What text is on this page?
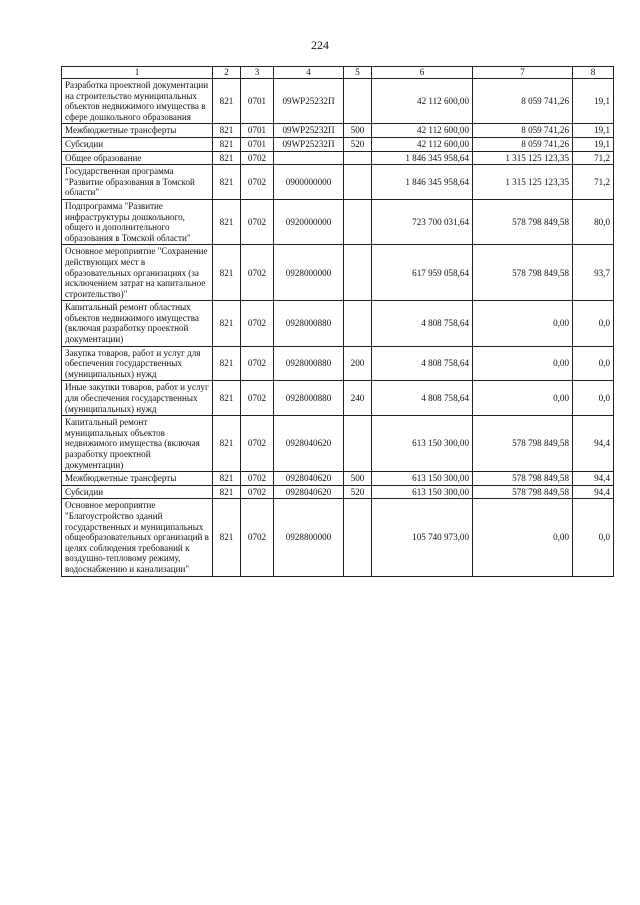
224
1	2	3	4	5	6	7	8
Разработка проектной документации на строительство муниципальных объектов недвижимого имущества в сфере дошкольного образования	821	0701	09WP25232П		42 112 600,00	8 059 741,26	19,1
Межбюджетные трансферты	821	0701	09WP25232П	500	42 112 600,00	8 059 741,26	19,1
Субсидии	821	0701	09WP25232П	520	42 112 600,00	8 059 741,26	19,1
Общее образование	821	0702			1 846 345 958,64	1 315 125 123,35	71,2
Государственная программа "Развитие образования в Томской области"	821	0702	0900000000		1 846 345 958,64	1 315 125 123,35	71,2
Подпрограмма "Развитие инфраструктуры дошкольного, общего и дополнительного образования в Томской области"	821	0702	0920000000		723 700 031,64	578 798 849,58	80,0
Основное мероприятие "Сохранение действующих мест в образовательных организациях (за исключением затрат на капитальное строительство)"	821	0702	0928000000		617 959 058,64	578 798 849,58	93,7
Капитальный ремонт областных объектов недвижимого имущества (включая разработку проектной документации)	821	0702	0928000880		4 808 758,64	0,00	0,0
Закупка товаров, работ и услуг для обеспечения государственных (муниципальных) нужд	821	0702	0928000880	200	4 808 758,64	0,00	0,0
Иные закупки товаров, работ и услуг для обеспечения государственных (муниципальных) нужд	821	0702	0928000880	240	4 808 758,64	0,00	0,0
Капитальный ремонт муниципальных объектов недвижимого имущества (включая разработку проектной документации)	821	0702	0928040620		613 150 300,00	578 798 849,58	94,4
Межбюджетные трансферты	821	0702	0928040620	500	613 150 300,00	578 798 849,58	94,4
Субсидии	821	0702	0928040620	520	613 150 300,00	578 798 849,58	94,4
Основное мероприятие "Благоустройство зданий государственных и муниципальных общеобразовательных организаций в целях соблюдения требований к воздушно-тепловому режиму, водоснабжению и канализации"	821	0702	0928800000		105 740 973,00	0,00	0,0
